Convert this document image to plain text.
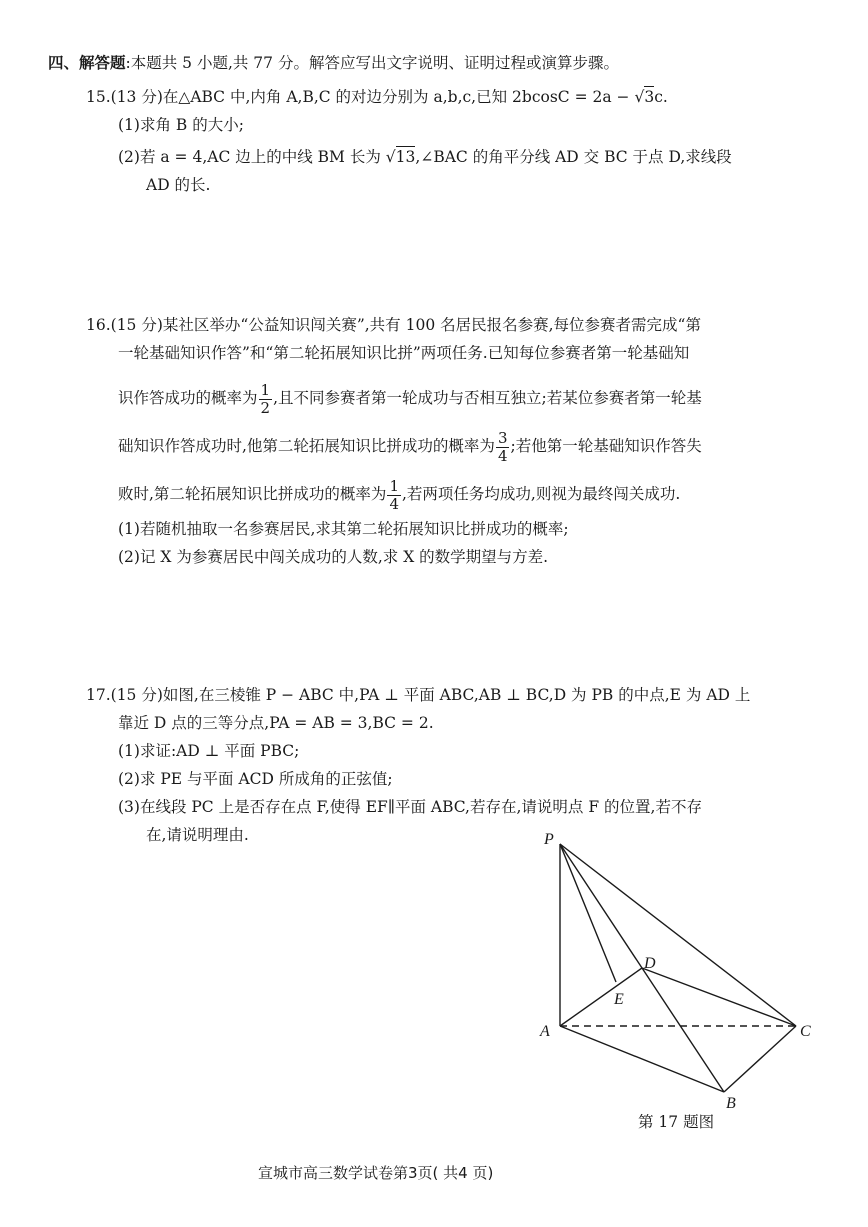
四、解答题:本题共 5 小题,共 77 分。解答应写出文字说明、证明过程或演算步骤。
15.(13 分)在△ABC 中,内角 A,B,C 的对边分别为 a,b,c,已知 2bcosC = 2a − √3c.
(1)求角 B 的大小;
(2)若 a = 4,AC 边上的中线 BM 长为 √13,∠BAC 的角平分线 AD 交 BC 于点 D,求线段
AD 的长.
16.(15 分)某社区举办“公益知识闯关赛”,共有 100 名居民报名参赛,每位参赛者需完成“第
一轮基础知识作答”和“第二轮拓展知识比拼”两项任务.已知每位参赛者第一轮基础知
识作答成功的概率为 $\frac{1}{2}$ ,且不同参赛者第一轮成功与否相互独立;若某位参赛者第一轮基
础知识作答成功时,他第二轮拓展知识比拼成功的概率为 $\frac{3}{4}$ ;若他第一轮基础知识作答失
败时,第二轮拓展知识比拼成功的概率为 $\frac{1}{4}$ ,若两项任务均成功,则视为最终闯关成功.
(1)若随机抽取一名参赛居民,求其第二轮拓展知识比拼成功的概率;
(2)记 X 为参赛居民中闯关成功的人数,求 X 的数学期望与方差.
17.(15 分)如图,在三棱锥 P − ABC 中,PA ⊥ 平面 ABC,AB ⊥ BC,D 为 PB 的中点,E 为 AD 上
靠近 D 点的三等分点,PA = AB = 3,BC = 2.
(1)求证:AD ⊥ 平面 PBC;
(2)求 PE 与平面 ACD 所成角的正弦值;
(3)在线段 PC 上是否存在点 F,使得 EF∥平面 ABC,若存在,请说明点 F 的位置,若不存
在,请说明理由.	P
A
B
C
D
E
第 17 题图
宣城市高三数学试卷第3页( 共4 页)
